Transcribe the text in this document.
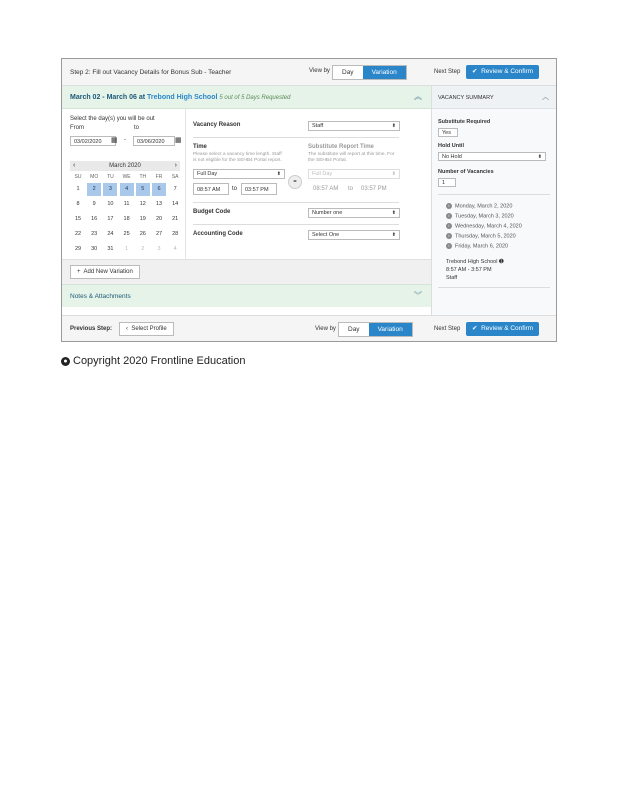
Step 2: Fill out Vacancy Details for Bonus Sub - Teacher	View by	Day	Variation	Next Step	✔ Review & Confirm
March 02 - March 06 at Trebond High School 5 out of 5 Days Requested	︽
Select the day(s) you will be out
From	to
03/02/2020	▦ -	03/06/2020	▦
March 2020
‹	›
SU	MO	TU	WE	TH	FR	SA
1	2	3	4	5	6	7
8	9	10	11	12	13	14
15	16	17	18	19	20	21
22	23	24	25	26	27	28
29	30	31	1	2	3	4
Vacancy Reason	Staff	⬍
Time
Please select a vacancy time length. Staff is not eligible for the SEHB4 Portal report.
Substitute Report Time
The substitute will report at this time. For the SEHB4 Portal.
Full Day	⬍
⚭
Full Day	⬍
08:57 AM	to	03:57 PM	08:57 AM to 03:57 PM
Budget Code	Number one	⬍
Accounting Code	Select One	⬍
+ Add New Variation
Notes & Attachments	︾
VACANCY SUMMARY	︿
Substitute Required
Yes
Hold Until
No Hold	⬍
Number of Vacancies
1
i Monday, March 2, 2020
i Tuesday, March 3, 2020
i Wednesday, March 4, 2020
i Thursday, March 5, 2020
i Friday, March 6, 2020
Trebond High School ➊
8:57 AM - 3:57 PM
Staff
Previous Step:	‹ Select Profile	View by	Day	Variation	Next Step	✔ Review & Confirm
● Copyright 2020 Frontline Education
